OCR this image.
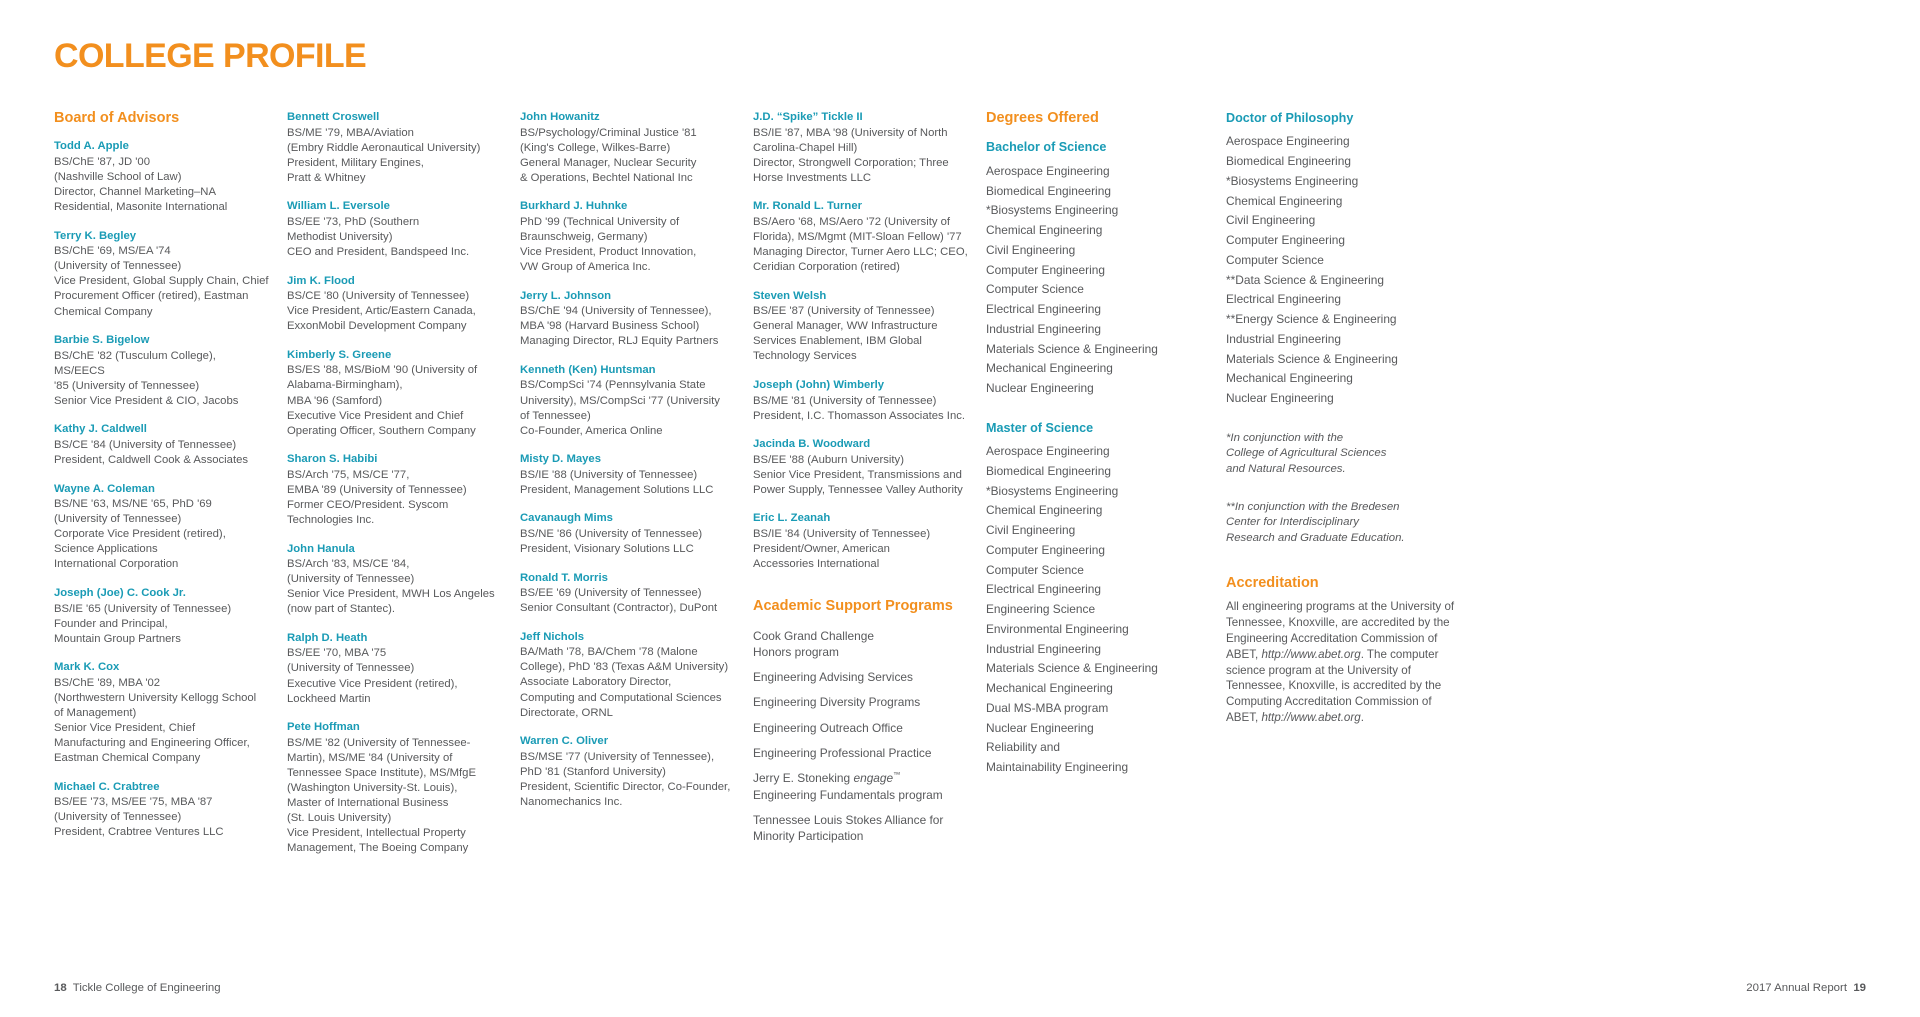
COLLEGE PROFILE
Board of Advisors
Todd A. Apple
BS/ChE '87, JD '00
(Nashville School of Law)
Director, Channel Marketing–NA
Residential, Masonite International
Terry K. Begley
BS/ChE '69, MS/EA '74
(University of Tennessee)
Vice President, Global Supply Chain, Chief
Procurement Officer (retired), Eastman
Chemical Company
Barbie S. Bigelow
BS/ChE '82 (Tusculum College), MS/EECS
'85 (University of Tennessee)
Senior Vice President & CIO, Jacobs
Kathy J. Caldwell
BS/CE '84 (University of Tennessee)
President, Caldwell Cook & Associates
Wayne A. Coleman
BS/NE '63, MS/NE '65, PhD '69
(University of Tennessee)
Corporate Vice President (retired),
Science Applications
International Corporation
Joseph (Joe) C. Cook Jr.
BS/IE '65 (University of Tennessee)
Founder and Principal,
Mountain Group Partners
Mark K. Cox
BS/ChE '89, MBA '02
(Northwestern University Kellogg School
of Management)
Senior Vice President, Chief
Manufacturing and Engineering Officer,
Eastman Chemical Company
Michael C. Crabtree
BS/EE '73, MS/EE '75, MBA '87
(University of Tennessee)
President, Crabtree Ventures LLC
Bennett Croswell
BS/ME '79, MBA/Aviation
(Embry Riddle Aeronautical University)
President, Military Engines,
Pratt & Whitney
William L. Eversole
BS/EE '73, PhD (Southern
Methodist University)
CEO and President, Bandspeed Inc.
Jim K. Flood
BS/CE '80 (University of Tennessee)
Vice President, Artic/Eastern Canada,
ExxonMobil Development Company
Kimberly S. Greene
BS/ES '88, MS/BioM '90 (University of
Alabama-Birmingham),
MBA '96 (Samford)
Executive Vice President and Chief
Operating Officer, Southern Company
Sharon S. Habibi
BS/Arch '75, MS/CE '77,
EMBA '89 (University of Tennessee)
Former CEO/President. Syscom
Technologies Inc.
John Hanula
BS/Arch '83, MS/CE '84,
(University of Tennessee)
Senior Vice President, MWH Los Angeles
(now part of Stantec).
Ralph D. Heath
BS/EE '70, MBA '75
(University of Tennessee)
Executive Vice President (retired),
Lockheed Martin
Pete Hoffman
BS/ME '82 (University of Tennessee-
Martin), MS/ME '84 (University of
Tennessee Space Institute), MS/MfgE
(Washington University-St. Louis),
Master of International Business
(St. Louis University)
Vice President, Intellectual Property
Management, The Boeing Company
John Howanitz
BS/Psychology/Criminal Justice '81
(King's College, Wilkes-Barre)
General Manager, Nuclear Security
& Operations, Bechtel National Inc
Burkhard J. Huhnke
PhD '99 (Technical University of
Braunschweig, Germany)
Vice President, Product Innovation,
VW Group of America Inc.
Jerry L. Johnson
BS/ChE '94 (University of Tennessee),
MBA '98 (Harvard Business School)
Managing Director, RLJ Equity Partners
Kenneth (Ken) Huntsman
BS/CompSci '74 (Pennsylvania State
University), MS/CompSci '77 (University
of Tennessee)
Co-Founder, America Online
Misty D. Mayes
BS/IE '88 (University of Tennessee)
President, Management Solutions LLC
Cavanaugh Mims
BS/NE '86 (University of Tennessee)
President, Visionary Solutions LLC
Ronald T. Morris
BS/EE '69 (University of Tennessee)
Senior Consultant (Contractor), DuPont
Jeff Nichols
BA/Math '78, BA/Chem '78 (Malone
College), PhD '83 (Texas A&M University)
Associate Laboratory Director,
Computing and Computational Sciences
Directorate, ORNL
Warren C. Oliver
BS/MSE '77 (University of Tennessee),
PhD '81 (Stanford University)
President, Scientific Director, Co-Founder,
Nanomechanics Inc.
J.D. “Spike” Tickle II
BS/IE '87, MBA '98 (University of North
Carolina-Chapel Hill)
Director, Strongwell Corporation; Three
Horse Investments LLC
Mr. Ronald L. Turner
BS/Aero '68, MS/Aero '72 (University of
Florida), MS/Mgmt (MIT-Sloan Fellow) '77
Managing Director, Turner Aero LLC; CEO,
Ceridian Corporation (retired)
Steven Welsh
BS/EE '87 (University of Tennessee)
General Manager, WW Infrastructure
Services Enablement, IBM Global
Technology Services
Joseph (John) Wimberly
BS/ME '81 (University of Tennessee)
President, I.C. Thomasson Associates Inc.
Jacinda B. Woodward
BS/EE '88 (Auburn University)
Senior Vice President, Transmissions and
Power Supply, Tennessee Valley Authority
Eric L. Zeanah
BS/IE '84 (University of Tennessee)
President/Owner, American
Accessories International
Academic Support Programs
Cook Grand Challenge
Honors program
Engineering Advising Services
Engineering Diversity Programs
Engineering Outreach Office
Engineering Professional Practice
Jerry E. Stoneking engage™
Engineering Fundamentals program
Tennessee Louis Stokes Alliance for
Minority Participation
Degrees Offered
Bachelor of Science
Aerospace Engineering
Biomedical Engineering
*Biosystems Engineering
Chemical Engineering
Civil Engineering
Computer Engineering
Computer Science
Electrical Engineering
Industrial Engineering
Materials Science & Engineering
Mechanical Engineering
Nuclear Engineering
Master of Science
Aerospace Engineering
Biomedical Engineering
*Biosystems Engineering
Chemical Engineering
Civil Engineering
Computer Engineering
Computer Science
Electrical Engineering
Engineering Science
Environmental Engineering
Industrial Engineering
Materials Science & Engineering
Mechanical Engineering
Dual MS-MBA program
Nuclear Engineering
Reliability and
Maintainability Engineering
Doctor of Philosophy
Aerospace Engineering
Biomedical Engineering
*Biosystems Engineering
Chemical Engineering
Civil Engineering
Computer Engineering
Computer Science
**Data Science & Engineering
Electrical Engineering
**Energy Science & Engineering
Industrial Engineering
Materials Science & Engineering
Mechanical Engineering
Nuclear Engineering
*In conjunction with the
College of Agricultural Sciences
and Natural Resources.
**In conjunction with the Bredesen
Center for Interdisciplinary
Research and Graduate Education.
Accreditation
All engineering programs at the University of Tennessee, Knoxville, are accredited by the Engineering Accreditation Commission of ABET, http://www.abet.org. The computer science program at the University of Tennessee, Knoxville, is accredited by the Computing Accreditation Commission of ABET, http://www.abet.org.
18 Tickle College of Engineering	2017 Annual Report 19
